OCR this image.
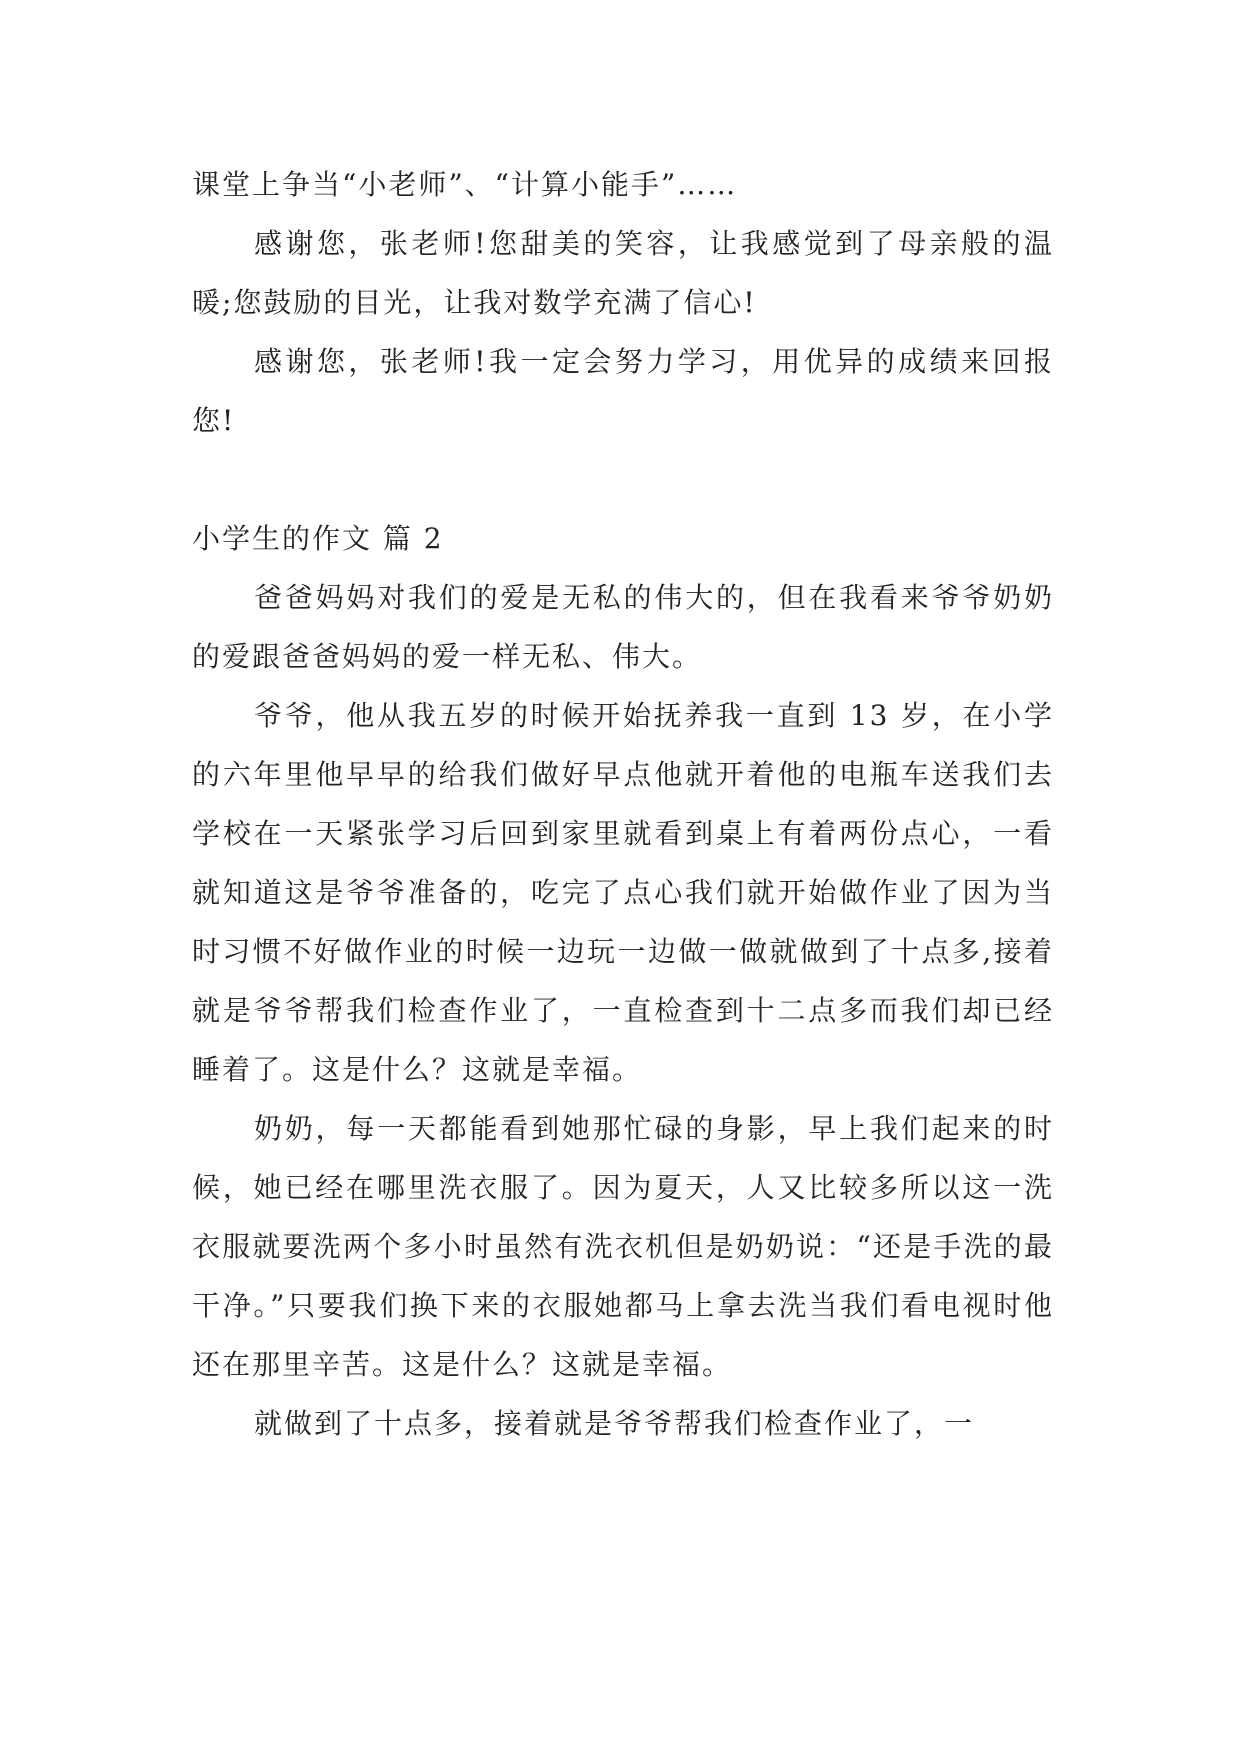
课堂上争当“小老师”、“计算小能手”……

感谢您，张老师!您甜美的笑容，让我感觉到了母亲般的温暖;您鼓励的目光，让我对数学充满了信心!

感谢您，张老师!我一定会努力学习，用优异的成绩来回报您!

小学生的作文 篇 2

爸爸妈妈对我们的爱是无私的伟大的，但在我看来爷爷奶奶的爱跟爸爸妈妈的爱一样无私、伟大。

爷爷，他从我五岁的时候开始抚养我一直到 13 岁，在小学的六年里他早早的给我们做好早点他就开着他的电瓶车送我们去学校在一天紧张学习后回到家里就看到桌上有着两份点心，一看就知道这是爷爷准备的，吃完了点心我们就开始做作业了因为当时习惯不好做作业的时候一边玩一边做一做就做到了十点多,接着就是爷爷帮我们检查作业了，一直检查到十二点多而我们却已经睡着了。这是什么？这就是幸福。

奶奶，每一天都能看到她那忙碌的身影，早上我们起来的时候，她已经在哪里洗衣服了。因为夏天，人又比较多所以这一洗衣服就要洗两个多小时虽然有洗衣机但是奶奶说：“还是手洗的最干净。”只要我们换下来的衣服她都马上拿去洗当我们看电视时他还在那里辛苦。这是什么？这就是幸福。

就做到了十点多，接着就是爷爷帮我们检查作业了，一
